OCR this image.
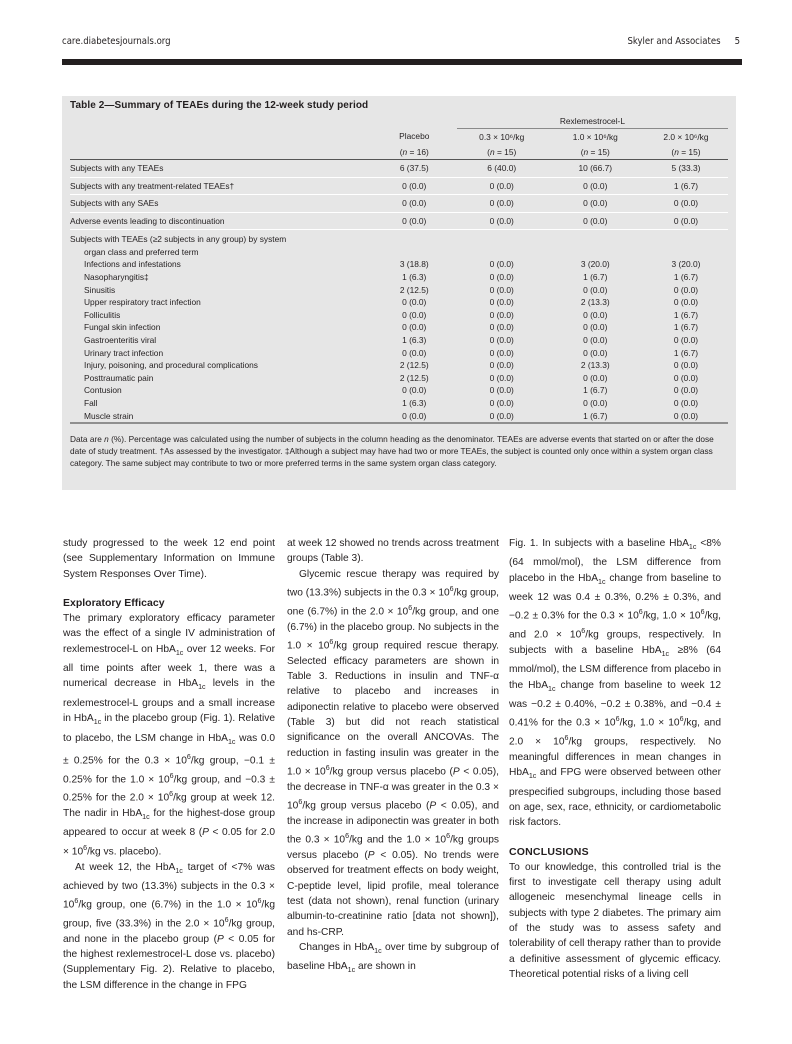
care.diabetesjournals.org	Skyler and Associates 5
Table 2—Summary of TEAEs during the 12-week study period
		Rexlemestrocel-L		
	Placebo	0.3 × 10⁶/kg	1.0 × 10⁶/kg	2.0 × 10⁶/kg
	(n = 16)	(n = 15)	(n = 15)	(n = 15)
Subjects with any TEAEs	6 (37.5)	6 (40.0)	10 (66.7)	5 (33.3)
Subjects with any treatment-related TEAEs†	0 (0.0)	0 (0.0)	0 (0.0)	1 (6.7)
Subjects with any SAEs	0 (0.0)	0 (0.0)	0 (0.0)	0 (0.0)
Adverse events leading to discontinuation	0 (0.0)	0 (0.0)	0 (0.0)	0 (0.0)
Subjects with TEAEs (≥2 subjects in any group) by system				
organ class and preferred term				
Infections and infestations	3 (18.8)	0 (0.0)	3 (20.0)	3 (20.0)
Nasopharyngitis‡	1 (6.3)	0 (0.0)	1 (6.7)	1 (6.7)
Sinusitis	2 (12.5)	0 (0.0)	0 (0.0)	0 (0.0)
Upper respiratory tract infection	0 (0.0)	0 (0.0)	2 (13.3)	0 (0.0)
Folliculitis	0 (0.0)	0 (0.0)	0 (0.0)	1 (6.7)
Fungal skin infection	0 (0.0)	0 (0.0)	0 (0.0)	1 (6.7)
Gastroenteritis viral	1 (6.3)	0 (0.0)	0 (0.0)	0 (0.0)
Urinary tract infection	0 (0.0)	0 (0.0)	0 (0.0)	1 (6.7)
Injury, poisoning, and procedural complications	2 (12.5)	0 (0.0)	2 (13.3)	0 (0.0)
Posttraumatic pain	2 (12.5)	0 (0.0)	0 (0.0)	0 (0.0)
Contusion	0 (0.0)	0 (0.0)	1 (6.7)	0 (0.0)
Fall	1 (6.3)	0 (0.0)	0 (0.0)	0 (0.0)
Muscle strain	0 (0.0)	0 (0.0)	1 (6.7)	0 (0.0)
Data are n (%). Percentage was calculated using the number of subjects in the column heading as the denominator. TEAEs are adverse events that started on or after the dose date of study treatment. †As assessed by the investigator. ‡Although a subject may have had two or more TEAEs, the subject is counted only once within a system organ class category. The same subject may contribute to two or more preferred terms in the same system organ class category.

study progressed to the week 12 end point (see Supplementary Information on Immune System Responses Over Time).

Exploratory Efficacy

The primary exploratory efficacy parameter was the effect of a single IV administration of rexlemestrocel-L on HbA$_{1c}$ over 12 weeks. For all time points after week 1, there was a numerical decrease in HbA$_{1c}$ levels in the rexlemestrocel-L groups and a small increase in HbA$_{1c}$ in the placebo group (Fig. 1). Relative to placebo, the LSM change in HbA$_{1c}$ was 0.0 ± 0.25% for the $0.3 \times 10^6/kg$ group, −0.1 ± 0.25% for the $1.0 \times 10^6/kg$ group, and −0.3 ± 0.25% for the $2.0 \times 10^6/kg$ group at week 12. The nadir in HbA$_{1c}$ for the highest-dose group appeared to occur at week 8 (P < 0.05 for $2.0 \times 10^6/kg$ vs. placebo).

At week 12, the HbA$_{1c}$ target of <7% was achieved by two (13.3%) subjects in the $0.3 \times 10^6/kg$ group, one (6.7%) in the $1.0 \times 10^6/kg$ group, five (33.3%) in the $2.0 \times 10^6/kg$ group, and none in the placebo group (P < 0.05 for the highest rexlemestrocel-L dose vs. placebo) (Supplementary Fig. 2). Relative to placebo, the LSM difference in the change in FPG

at week 12 showed no trends across treatment groups (Table 3).

Glycemic rescue therapy was required by two (13.3%) subjects in the $0.3 \times 10^6/kg$ group, one (6.7%) in the $2.0 \times 10^6/kg$ group, and one (6.7%) in the placebo group. No subjects in the $1.0 \times 10^6/kg$ group required rescue therapy. Selected efficacy parameters are shown in Table 3. Reductions in insulin and TNF-α relative to placebo and increases in adiponectin relative to placebo were observed (Table 3) but did not reach statistical significance on the overall ANCOVAs. The reduction in fasting insulin was greater in the $1.0 \times 10^6/kg$ group versus placebo (P < 0.05), the decrease in TNF-α was greater in the $0.3 \times 10^6/kg$ group versus placebo (P < 0.05), and the increase in adiponectin was greater in both the $0.3 \times 10^6/kg$ and the $1.0 \times 10^6/kg$ groups versus placebo (P < 0.05). No trends were observed for treatment effects on body weight, C-peptide level, lipid profile, meal tolerance test (data not shown), renal function (urinary albumin-to-creatinine ratio [data not shown]), and hs-CRP.

Changes in HbA$_{1c}$ over time by subgroup of baseline HbA$_{1c}$ are shown in

Fig. 1. In subjects with a baseline HbA$_{1c}$ <8% (64 mmol/mol), the LSM difference from placebo in the HbA$_{1c}$ change from baseline to week 12 was 0.4 ± 0.3%, 0.2% ± 0.3%, and −0.2 ± 0.3% for the $0.3 \times 10^6/kg$, $1.0 \times 10^6/kg$, and $2.0 \times 10^6/kg$ groups, respectively. In subjects with a baseline HbA$_{1c}$ ≥8% (64 mmol/mol), the LSM difference from placebo in the HbA$_{1c}$ change from baseline to week 12 was −0.2 ± 0.40%, −0.2 ± 0.38%, and −0.4 ± 0.41% for the $0.3 \times 10^6/kg$, $1.0 \times 10^6/kg$, and $2.0 \times 10^6/kg$ groups, respectively. No meaningful differences in mean changes in HbA$_{1c}$ and FPG were observed between other prespecified subgroups, including those based on age, sex, race, ethnicity, or cardiometabolic risk factors.

CONCLUSIONS

To our knowledge, this controlled trial is the first to investigate cell therapy using adult allogeneic mesenchymal lineage cells in subjects with type 2 diabetes. The primary aim of the study was to assess safety and tolerability of cell therapy rather than to provide a definitive assessment of glycemic efficacy. Theoretical potential risks of a living cell
